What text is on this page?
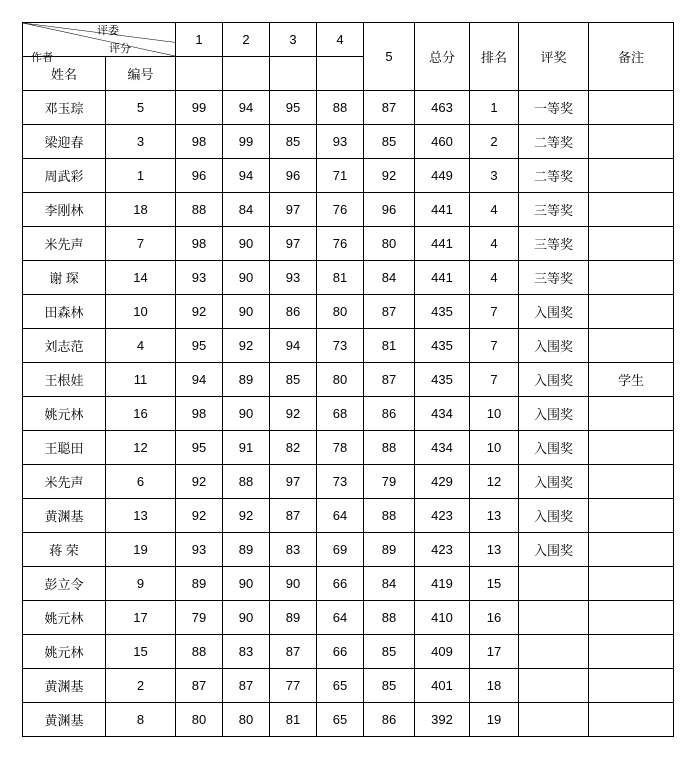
评委
评分
作者		1	2	3	4	5	总分	排名	评奖	备注
姓名	编号									
邓玉琮	5	99	94	95	88	87	463	1	一等奖	
梁迎春	3	98	99	85	93	85	460	2	二等奖	
周武彩	1	96	94	96	71	92	449	3	二等奖	
李刚林	18	88	84	97	76	96	441	4	三等奖	
米先声	7	98	90	97	76	80	441	4	三等奖	
谢 琛	14	93	90	93	81	84	441	4	三等奖	
田森林	10	92	90	86	80	87	435	7	入围奖	
刘志范	4	95	92	94	73	81	435	7	入围奖	
王根娃	11	94	89	85	80	87	435	7	入围奖	学生
姚元林	16	98	90	92	68	86	434	10	入围奖	
王聪田	12	95	91	82	78	88	434	10	入围奖	
米先声	6	92	88	97	73	79	429	12	入围奖	
黄渊基	13	92	92	87	64	88	423	13	入围奖	
蒋 荣	19	93	89	83	69	89	423	13	入围奖	
彭立令	9	89	90	90	66	84	419	15		
姚元林	17	79	90	89	64	88	410	16		
姚元林	15	88	83	87	66	85	409	17		
黄渊基	2	87	87	77	65	85	401	18		
黄渊基	8	80	80	81	65	86	392	19		
